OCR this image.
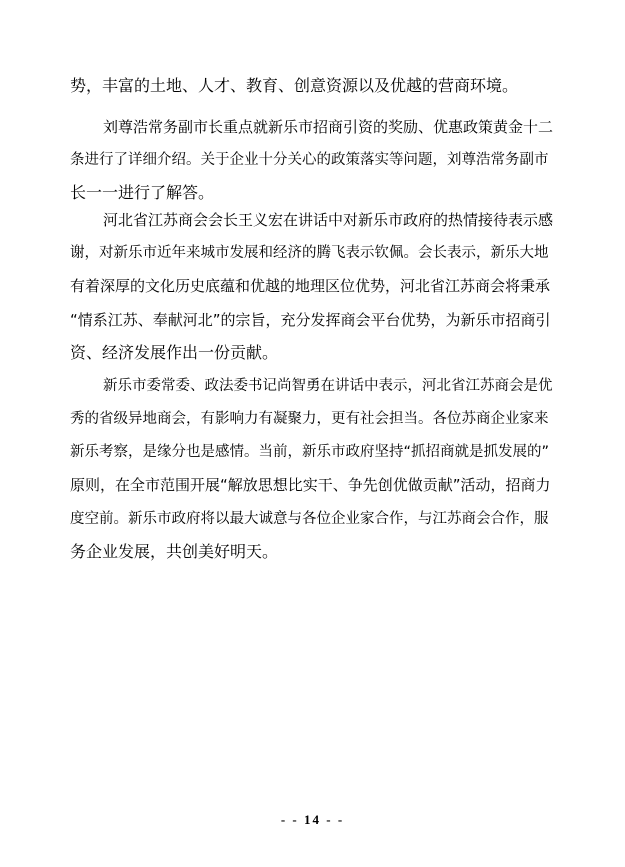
势，丰富的土地、人才、教育、创意资源以及优越的营商环境。
刘尊浩常务副市长重点就新乐市招商引资的奖励、优惠政策黄金十二
条进行了详细介绍。关于企业十分关心的政策落实等问题，刘尊浩常务副市
长一一进行了解答。
河北省江苏商会会长王义宏在讲话中对新乐市政府的热情接待表示感
谢，对新乐市近年来城市发展和经济的腾飞表示钦佩。会长表示，新乐大地
有着深厚的文化历史底蕴和优越的地理区位优势，河北省江苏商会将秉承
“情系江苏、奉献河北”的宗旨，充分发挥商会平台优势，为新乐市招商引
资、经济发展作出一份贡献。
新乐市委常委、政法委书记尚智勇在讲话中表示，河北省江苏商会是优
秀的省级异地商会，有影响力有凝聚力，更有社会担当。各位苏商企业家来
新乐考察，是缘分也是感情。当前，新乐市政府坚持“抓招商就是抓发展的”
原则，在全市范围开展“解放思想比实干、争先创优做贡献”活动，招商力
度空前。新乐市政府将以最大诚意与各位企业家合作，与江苏商会合作，服
务企业发展，共创美好明天。
- - 14 - -
